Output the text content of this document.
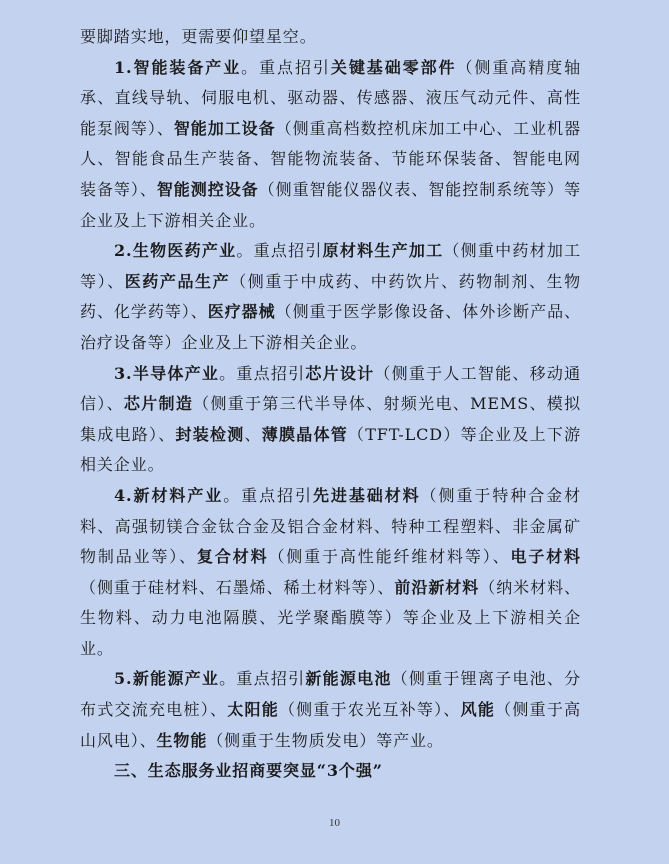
要脚踏实地，更需要仰望星空。

1.智能装备产业。重点招引关键基础零部件（侧重高精度轴承、直线导轨、伺服电机、驱动器、传感器、液压气动元件、高性能泵阀等）、智能加工设备（侧重高档数控机床加工中心、工业机器人、智能食品生产装备、智能物流装备、节能环保装备、智能电网装备等）、智能测控设备（侧重智能仪器仪表、智能控制系统等）等企业及上下游相关企业。

2.生物医药产业。重点招引原材料生产加工（侧重中药材加工等）、医药产品生产（侧重于中成药、中药饮片、药物制剂、生物药、化学药等）、医疗器械（侧重于医学影像设备、体外诊断产品、治疗设备等）企业及上下游相关企业。

3.半导体产业。重点招引芯片设计（侧重于人工智能、移动通信）、芯片制造（侧重于第三代半导体、射频光电、MEMS、模拟集成电路）、封装检测、薄膜晶体管（TFT-LCD）等企业及上下游相关企业。

4.新材料产业。重点招引先进基础材料（侧重于特种合金材料、高强韧镁合金钛合金及铝合金材料、特种工程塑料、非金属矿物制品业等）、复合材料（侧重于高性能纤维材料等）、电子材料（侧重于硅材料、石墨烯、稀土材料等）、前沿新材料（纳米材料、生物料、动力电池隔膜、光学聚酯膜等）等企业及上下游相关企业。

5.新能源产业。重点招引新能源电池（侧重于锂离子电池、分布式交流充电桩）、太阳能（侧重于农光互补等）、风能（侧重于高山风电）、生物能（侧重于生物质发电）等产业。

三、生态服务业招商要突显“3个强”

10
